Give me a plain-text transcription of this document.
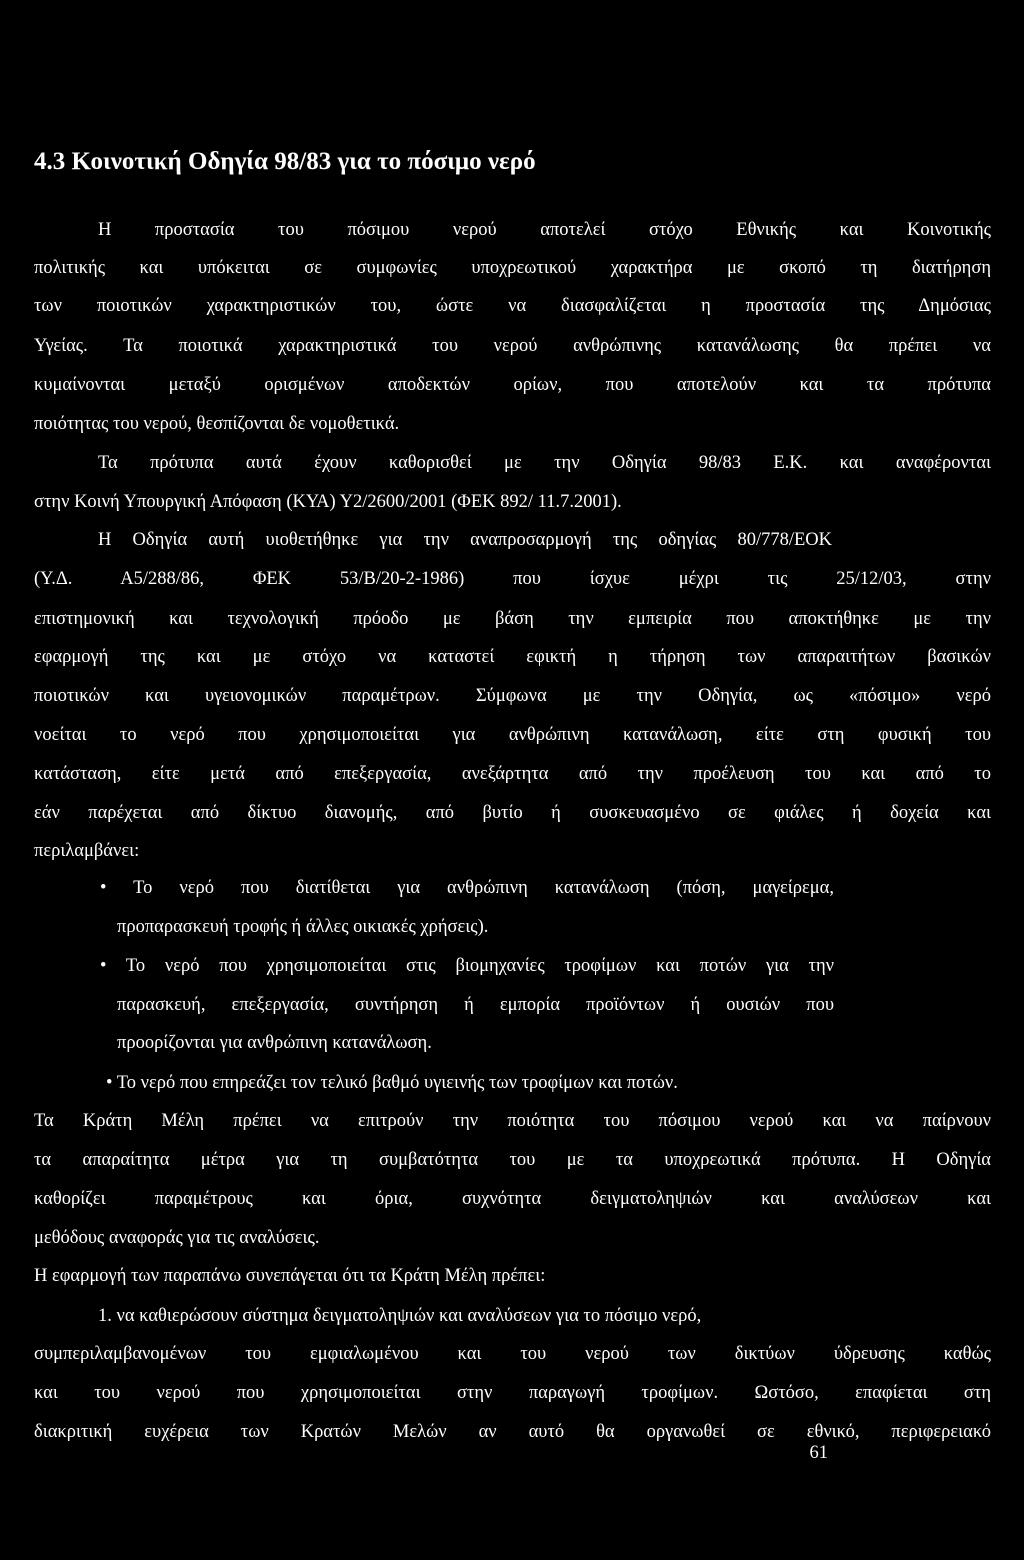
4.3 Κοινοτική Οδηγία 98/83 για το πόσιμο νερό

Η προστασία του πόσιμου νερού αποτελεί στόχο Εθνικής και Κοινοτικής

πολιτικής και υπόκειται σε συμφωνίες υποχρεωτικού χαρακτήρα με σκοπό τη διατήρηση

των ποιοτικών χαρακτηριστικών του, ώστε να διασφαλίζεται η προστασία της Δημόσιας

Υγείας. Τα ποιοτικά χαρακτηριστικά του νερού ανθρώπινης κατανάλωσης θα πρέπει να

κυμαίνονται μεταξύ ορισμένων αποδεκτών ορίων, που αποτελούν και τα πρότυπα

ποιότητας του νερού, θεσπίζονται δε νομοθετικά.

Τα πρότυπα αυτά έχουν καθορισθεί με την Οδηγία 98/83 Ε.Κ. και αναφέρονται

στην Κοινή Υπουργική Απόφαση (ΚΥΑ) Υ2/2600/2001 (ΦΕΚ 892/ 11.7.2001).

Η Οδηγία αυτή υιοθετήθηκε για την αναπροσαρμογή της οδηγίας 80/778/ΕΟΚ

(Υ.Δ. Α5/288/86, ΦΕΚ 53/Β/20-2-1986) που ίσχυε μέχρι τις 25/12/03, στην

επιστημονική και τεχνολογική πρόοδο με βάση την εμπειρία που αποκτήθηκε με την

εφαρμογή της και με στόχο να καταστεί εφικτή η τήρηση των απαραιτήτων βασικών

ποιοτικών και υγειονομικών παραμέτρων. Σύμφωνα με την Οδηγία, ως «πόσιμο» νερό

νοείται το νερό που χρησιμοποιείται για ανθρώπινη κατανάλωση, είτε στη φυσική του

κατάσταση, είτε μετά από επεξεργασία, ανεξάρτητα από την προέλευση του και από το

εάν παρέχεται από δίκτυο διανομής, από βυτίο ή συσκευασμένο σε φιάλες ή δοχεία και

περιλαμβάνει:

• Το νερό που διατίθεται για ανθρώπινη κατανάλωση (πόση, μαγείρεμα,

προπαρασκευή τροφής ή άλλες οικιακές χρήσεις).

• Το νερό που χρησιμοποιείται στις βιομηχανίες τροφίμων και ποτών για την

παρασκευή, επεξεργασία, συντήρηση ή εμπορία προϊόντων ή ουσιών που

προορίζονται για ανθρώπινη κατανάλωση.

• Το νερό που επηρεάζει τον τελικό βαθμό υγιεινής των τροφίμων και ποτών.

Τα Κράτη Μέλη πρέπει να επιτρούν την ποιότητα του πόσιμου νερού και να παίρνουν

τα απαραίτητα μέτρα για τη συμβατότητα του με τα υποχρεωτικά πρότυπα. Η Οδηγία

καθορίζει παραμέτρους και όρια, συχνότητα δειγματοληψιών και αναλύσεων και

μεθόδους αναφοράς για τις αναλύσεις.

Η εφαρμογή των παραπάνω συνεπάγεται ότι τα Κράτη Μέλη πρέπει:

1. να καθιερώσουν σύστημα δειγματοληψιών και αναλύσεων για το πόσιμο νερό,

συμπεριλαμβανομένων του εμφιαλωμένου και του νερού των δικτύων ύδρευσης καθώς

και του νερού που χρησιμοποιείται στην παραγωγή τροφίμων. Ωστόσο, επαφίεται στη

διακριτική ευχέρεια των Κρατών Μελών αν αυτό θα οργανωθεί σε εθνικό, περιφερειακό

61
